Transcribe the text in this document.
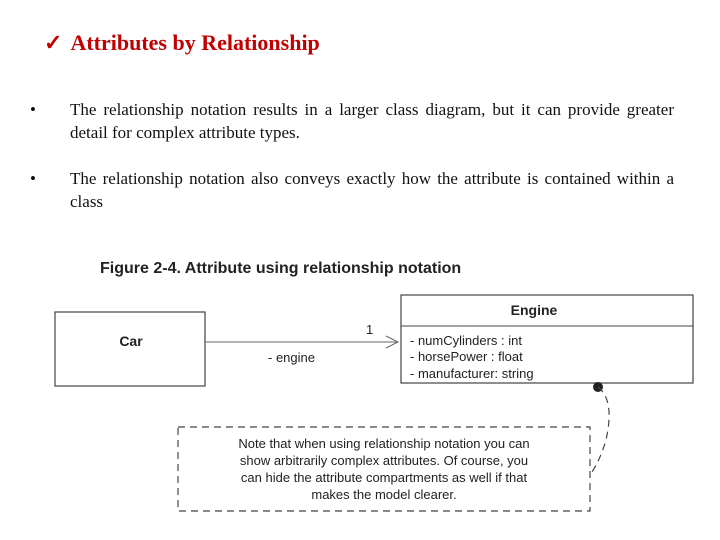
✓ Attributes by Relationship
•	The relationship notation results in a larger class diagram, but it can provide greater detail for complex attribute types.
•	The relationship notation also conveys exactly how the attribute is contained within a class
Figure 2-4. Attribute using relationship notation
Car
1
- engine
Engine
- numCylinders : int
- horsePower : float
- manufacturer: string
Note that when using relationship notation you can
show arbitrarily complex attributes. Of course, you
can hide the attribute compartments as well if that
makes the model clearer.
